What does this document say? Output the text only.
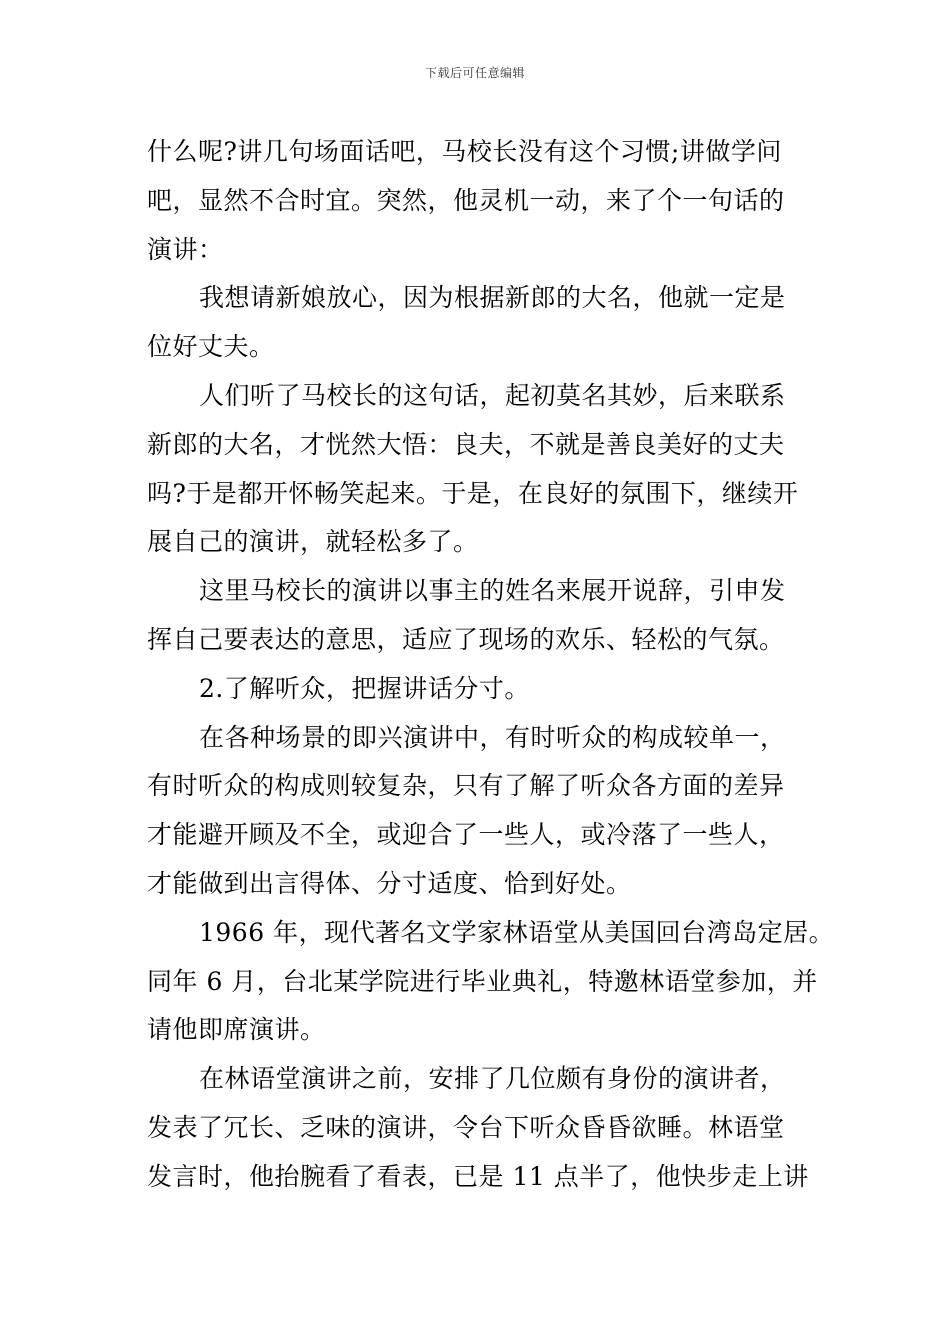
下载后可任意编辑

什么呢?讲几句场面话吧，马校长没有这个习惯;讲做学问
吧，显然不合时宜。突然，他灵机一动，来了个一句话的
演讲：

我想请新娘放心，因为根据新郎的大名，他就一定是
位好丈夫。

人们听了马校长的这句话，起初莫名其妙，后来联系
新郎的大名，才恍然大悟：良夫，不就是善良美好的丈夫
吗?于是都开怀畅笑起来。于是，在良好的氛围下，继续开
展自己的演讲，就轻松多了。

这里马校长的演讲以事主的姓名来展开说辞，引申发
挥自己要表达的意思，适应了现场的欢乐、轻松的气氛。

2.了解听众，把握讲话分寸。

在各种场景的即兴演讲中，有时听众的构成较单一，
有时听众的构成则较复杂，只有了解了听众各方面的差异
才能避开顾及不全，或迎合了一些人，或冷落了一些人，
才能做到出言得体、分寸适度、恰到好处。

1966 年，现代著名文学家林语堂从美国回台湾岛定居。
同年 6 月，台北某学院进行毕业典礼，特邀林语堂参加，并
请他即席演讲。

在林语堂演讲之前，安排了几位颇有身份的演讲者，
发表了冗长、乏味的演讲，令台下听众昏昏欲睡。林语堂
发言时，他抬腕看了看表，已是 11 点半了，他快步走上讲
